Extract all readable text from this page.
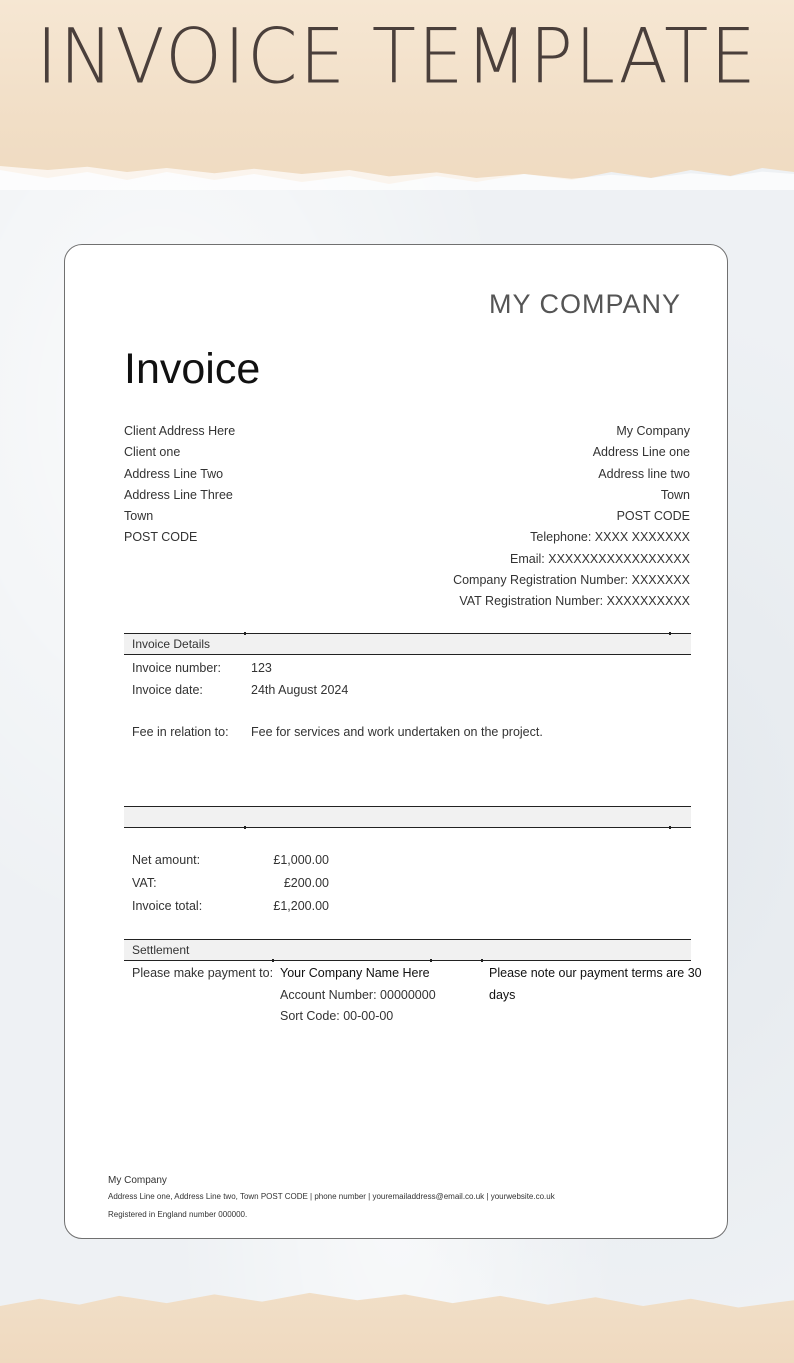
INVOICE TEMPLATE
MY COMPANY
Invoice
Client Address Here
Client one
Address Line Two
Address Line Three
Town
POST CODE
My Company
Address Line one
Address line two
Town
POST CODE
Telephone: XXXX XXXXXXX
Email: XXXXXXXXXXXXXXXXX
Company Registration Number: XXXXXXX
VAT Registration Number: XXXXXXXXXX
Invoice Details
Invoice number: 123
Invoice date:	24th August 2024
Fee in relation to: Fee for services and work undertaken on the project.
Net amount:	£1,000.00
VAT:	£200.00
Invoice total:	£1,200.00
Settlement
Please make payment to: Your Company Name Here
Account Number: 00000000
Sort Code: 00-00-00
Please note our payment terms are 30
days
My Company
Address Line one, Address Line two, Town POST CODE | phone number | youremailaddress@email.co.uk | yourwebsite.co.uk
Registered in England number 000000.
